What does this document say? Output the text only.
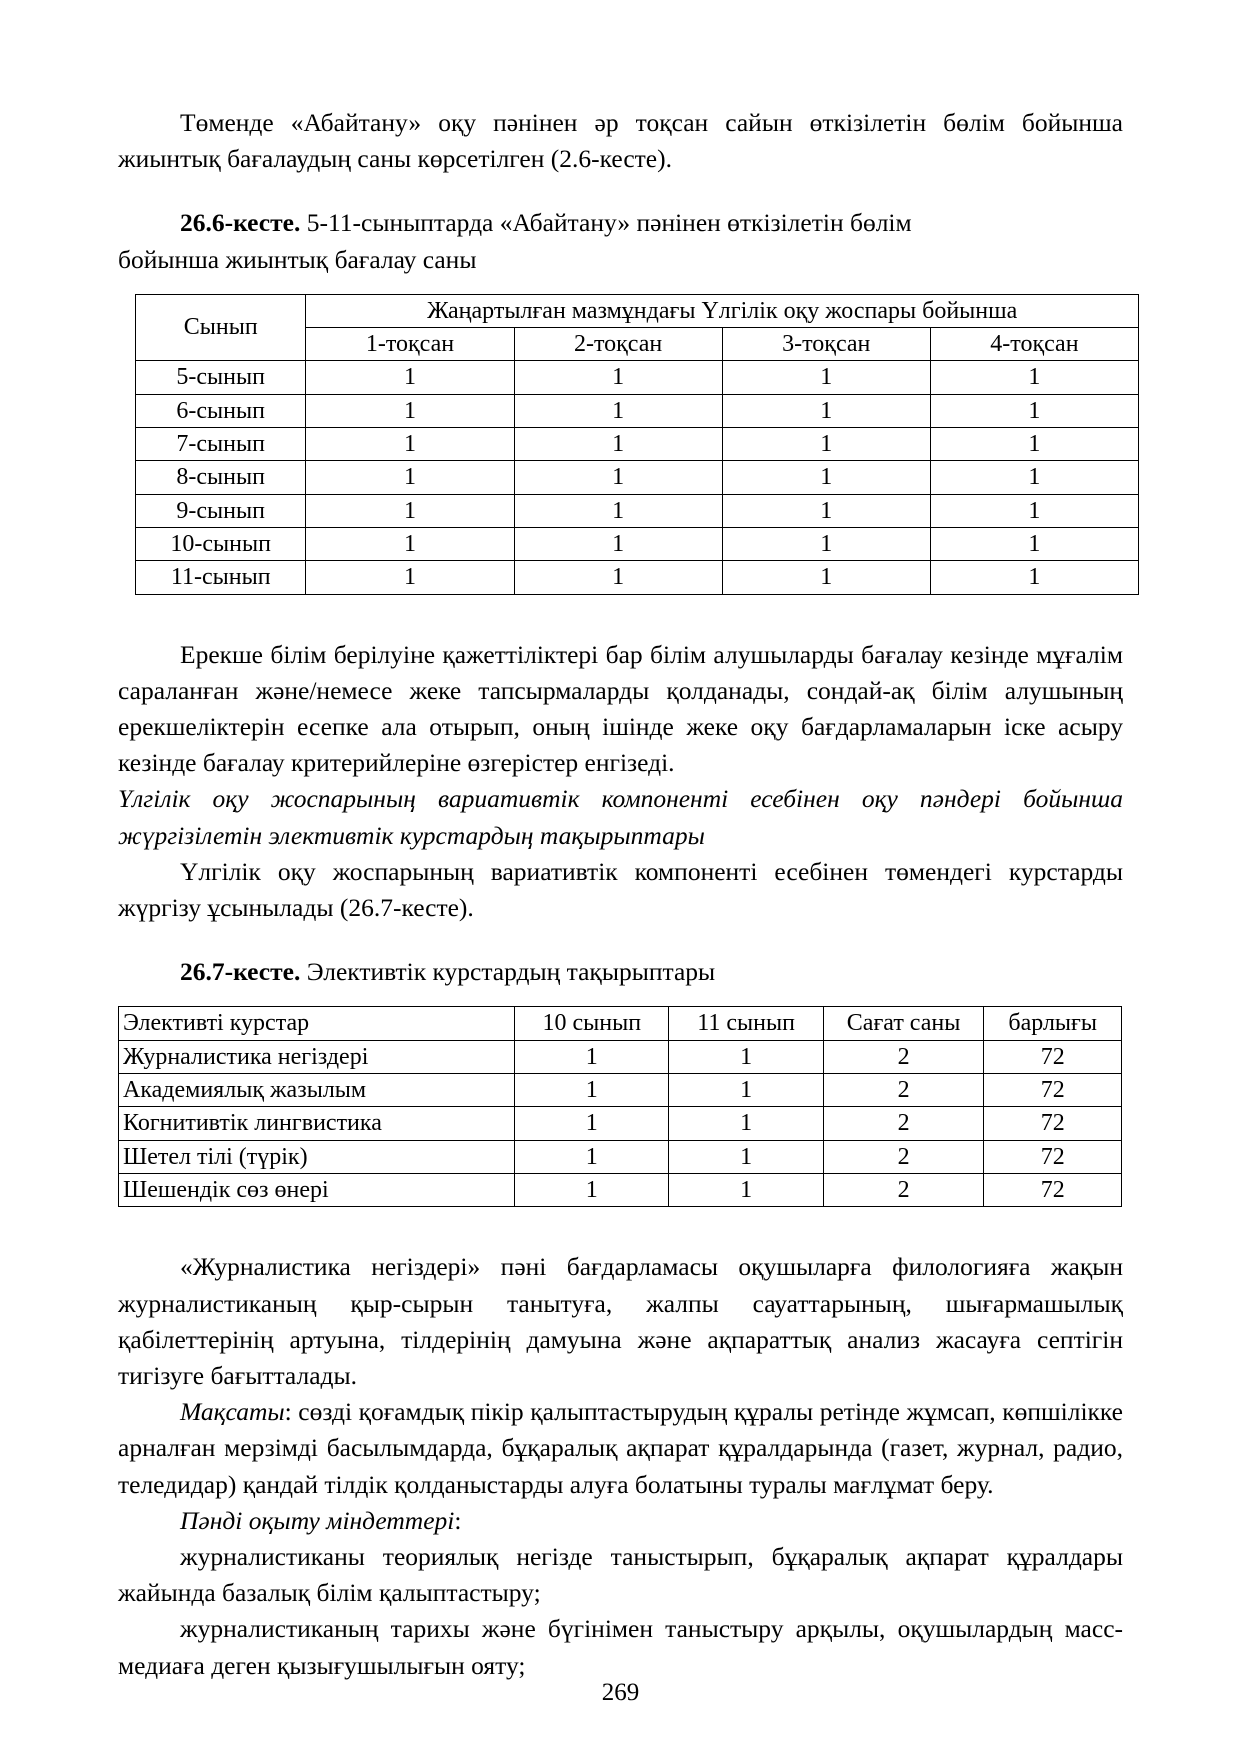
Төменде «Абайтану» оқу пәнінен әр тоқсан сайын өткізілетін бөлім бойынша жиынтық бағалаудың саны көрсетілген (2.6-кесте).

26.6-кесте. 5-11-сыныптарда «Абайтану» пәнінен өткізілетін бөлім

бойынша жиынтық бағалау саны

Сынып	Жаңартылған мазмұндағы Үлгілік оқу жоспары бойынша			
	1-тоқсан	2-тоқсан	3-тоқсан	4-тоқсан
5-сынып	1	1	1	1
6-сынып	1	1	1	1
7-сынып	1	1	1	1
8-сынып	1	1	1	1
9-сынып	1	1	1	1
10-сынып	1	1	1	1
11-сынып	1	1	1	1

Ерекше білім берілуіне қажеттіліктері бар білім алушыларды бағалау кезінде мұғалім сараланған және/немесе жеке тапсырмаларды қолданады, сондай-ақ білім алушының ерекшеліктерін есепке ала отырып, оның ішінде жеке оқу бағдарламаларын іске асыру кезінде бағалау критерийлеріне өзгерістер енгізеді.

Үлгілік оқу жоспарының вариативтік компоненті есебінен оқу пәндері бойынша жүргізілетін элективтік курстардың тақырыптары

Үлгілік оқу жоспарының вариативтік компоненті есебінен төмендегі курстарды жүргізу ұсынылады (26.7-кесте).

26.7-кесте. Элективтік курстардың тақырыптары

Элективті курстар	10 сынып	11 сынып	Сағат саны	барлығы
Журналистика негіздері	1	1	2	72
Академиялық жазылым	1	1	2	72
Когнитивтік лингвистика	1	1	2	72
Шетел тілі (түрік)	1	1	2	72
Шешендік сөз өнері	1	1	2	72

«Журналистика негіздері» пәні бағдарламасы оқушыларға филологияға жақын журналистиканың қыр-сырын танытуға, жалпы сауаттарының, шығармашылық қабілеттерінің артуына, тілдерінің дамуына және ақпараттық анализ жасауға септігін тигізуге бағытталады.

Мақсаты: сөзді қоғамдық пікір қалыптастырудың құралы ретінде жұмсап, көпшілікке арналған мерзімді басылымдарда, бұқаралық ақпарат құралдарында (газет, журнал, радио, теледидар) қандай тілдік қолданыстарды алуға болатыны туралы мағлұмат беру.

Пәнді оқыту міндеттері:

журналистиканы теориялық негізде таныстырып, бұқаралық ақпарат құралдары жайында базалық білім қалыптастыру;

журналистиканың тарихы және бүгінімен таныстыру арқылы, оқушылардың масс-медиаға деген қызығушылығын ояту;

269
